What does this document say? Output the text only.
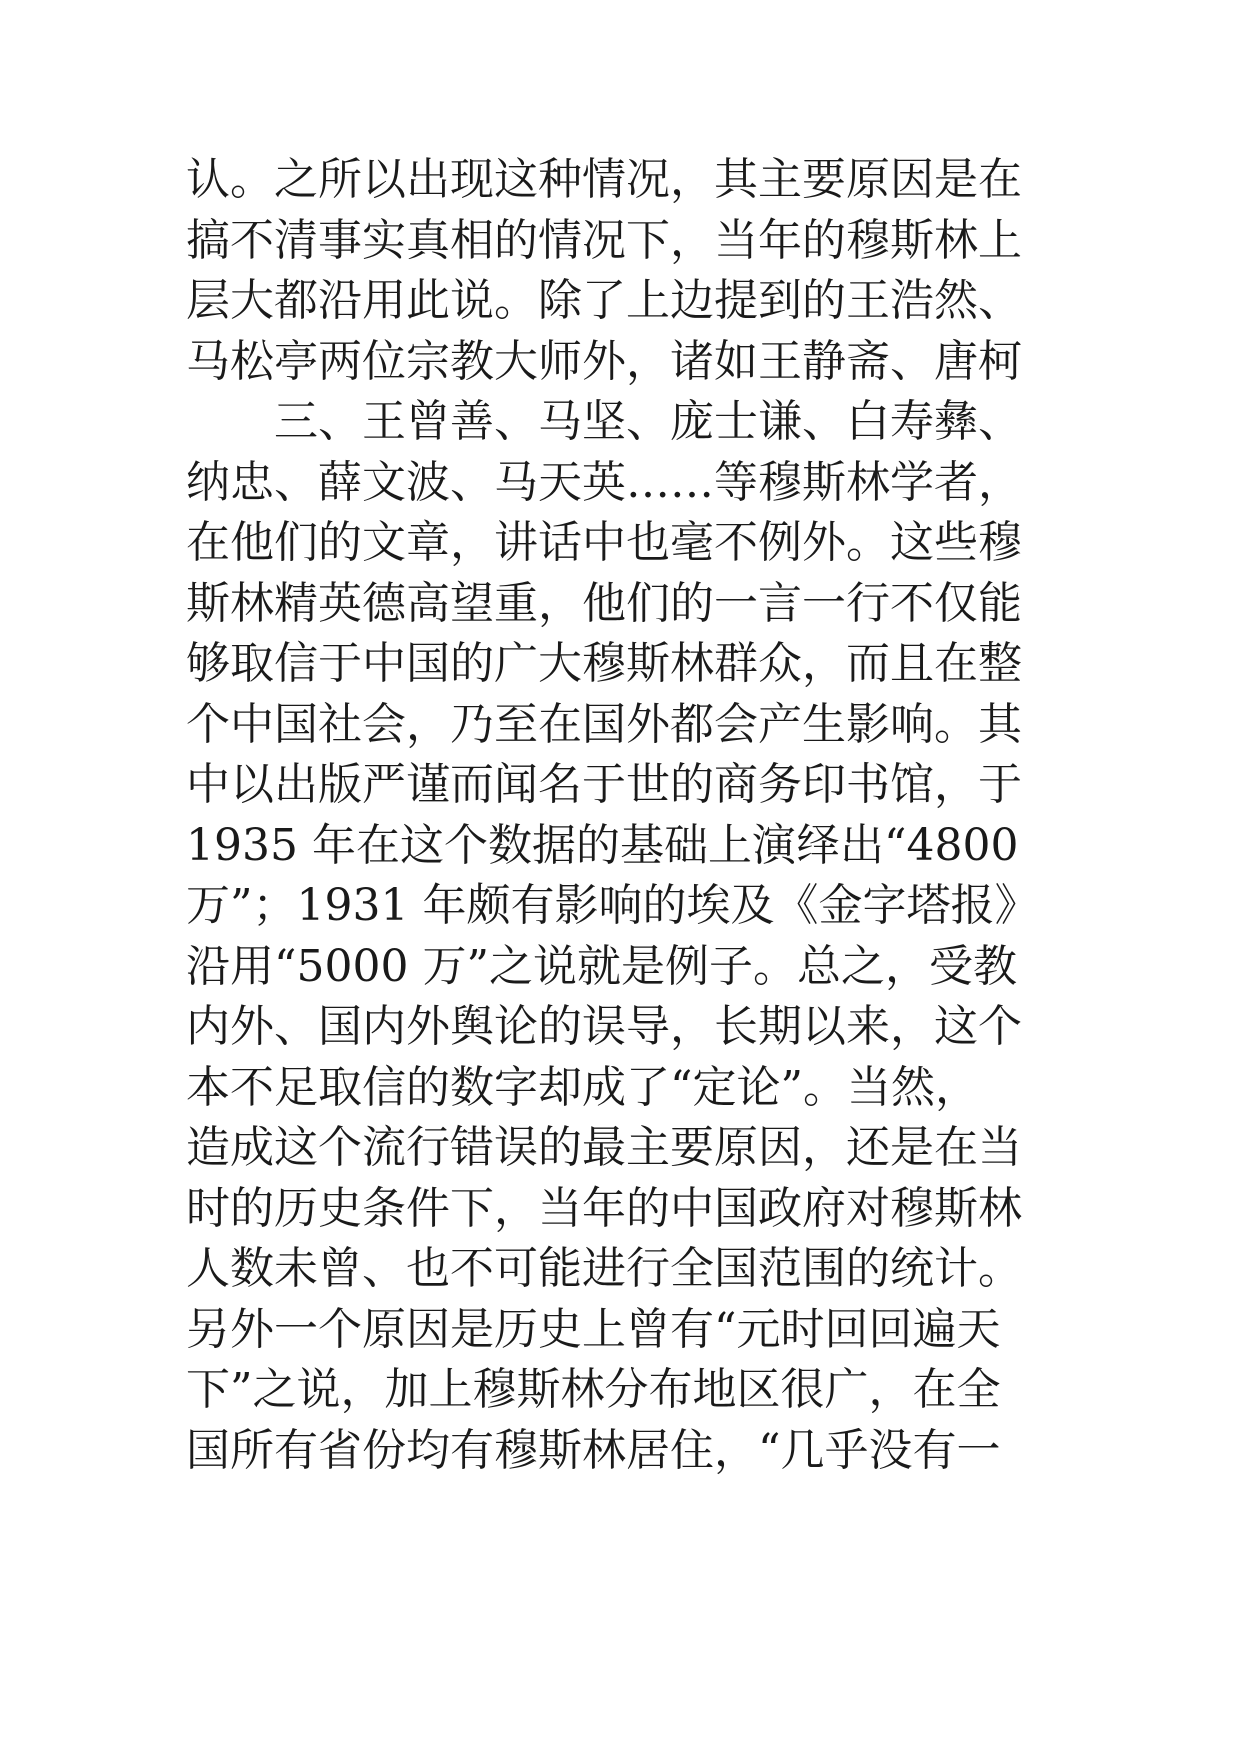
认。之所以出现这种情况，其主要原因是在
搞不清事实真相的情况下，当年的穆斯林上
层大都沿用此说。除了上边提到的王浩然、
马松亭两位宗教大师外，诸如王静斋、唐柯
三、王曾善、马坚、庞士谦、白寿彝、
纳忠、薛文波、马天英……等穆斯林学者，
在他们的文章，讲话中也毫不例外。这些穆
斯林精英德高望重，他们的一言一行不仅能
够取信于中国的广大穆斯林群众，而且在整
个中国社会，乃至在国外都会产生影响。其
中以出版严谨而闻名于世的商务印书馆，于
1935 年在这个数据的基础上演绎出“4800
万”；1931 年颇有影响的埃及《金字塔报》
沿用“5000 万”之说就是例子。总之，受教
内外、国内外舆论的误导，长期以来，这个
本不足取信的数字却成了“定论”。当然，
造成这个流行错误的最主要原因，还是在当
时的历史条件下，当年的中国政府对穆斯林
人数未曾、也不可能进行全国范围的统计。
另外一个原因是历史上曾有“元时回回遍天
下”之说，加上穆斯林分布地区很广，在全
国所有省份均有穆斯林居住，“几乎没有一
